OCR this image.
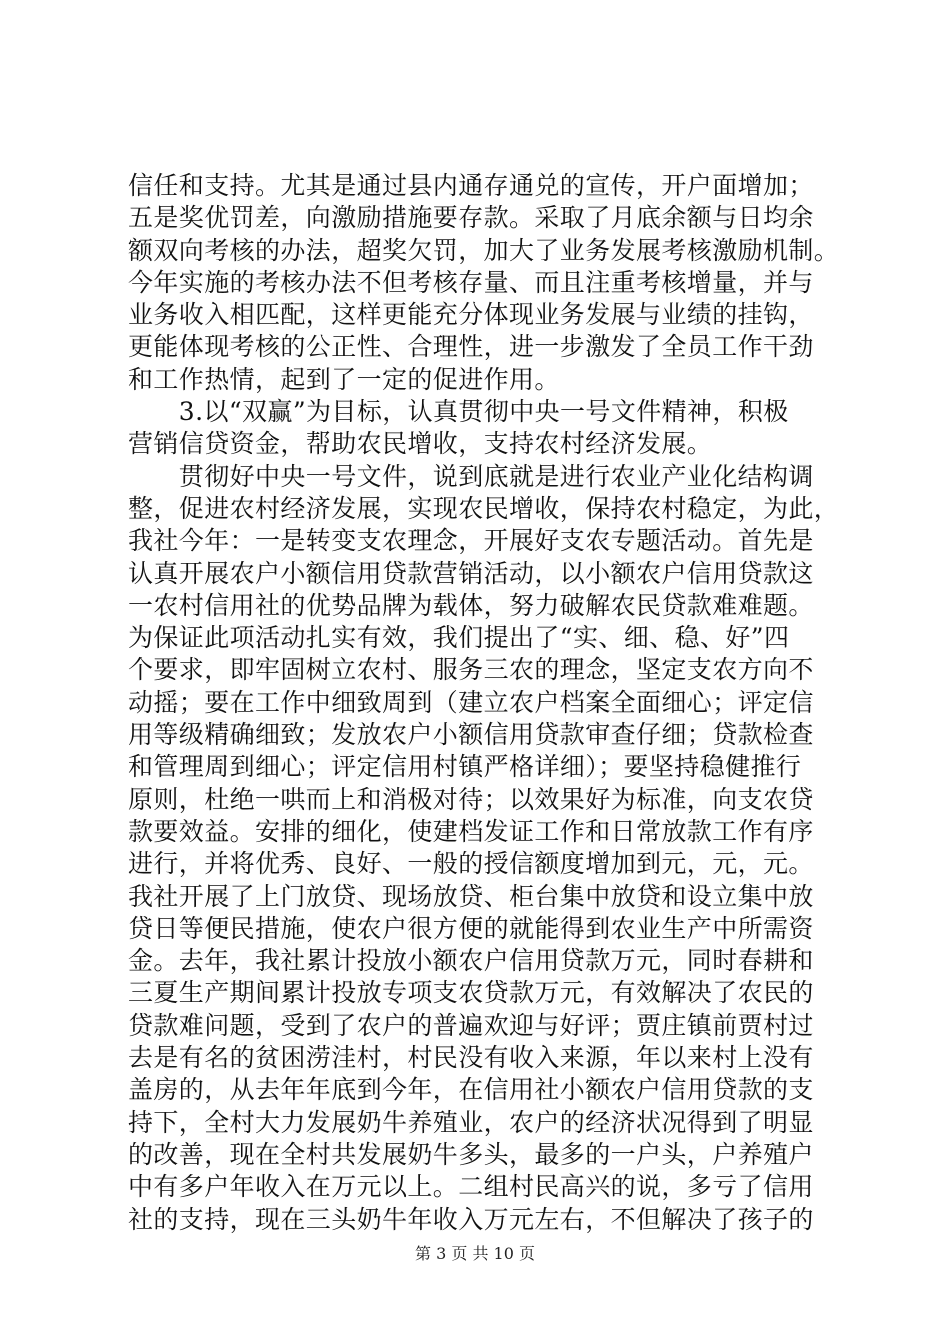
信任和支持。尤其是通过县内通存通兑的宣传，开户面增加；
五是奖优罚差，向激励措施要存款。采取了月底余额与日均余
额双向考核的办法，超奖欠罚，加大了业务发展考核激励机制。
今年实施的考核办法不但考核存量、而且注重考核增量，并与
业务收入相匹配，这样更能充分体现业务发展与业绩的挂钩，
更能体现考核的公正性、合理性，进一步激发了全员工作干劲
和工作热情，起到了一定的促进作用。
　　3.以“双赢”为目标，认真贯彻中央一号文件精神，积极
营销信贷资金，帮助农民增收，支持农村经济发展。
　　贯彻好中央一号文件，说到底就是进行农业产业化结构调
整，促进农村经济发展，实现农民增收，保持农村稳定，为此，
我社今年：一是转变支农理念，开展好支农专题活动。首先是
认真开展农户小额信用贷款营销活动，以小额农户信用贷款这
一农村信用社的优势品牌为载体，努力破解农民贷款难难题。
为保证此项活动扎实有效，我们提出了“实、细、稳、好”四
个要求，即牢固树立农村、服务三农的理念，坚定支农方向不
动摇；要在工作中细致周到（建立农户档案全面细心；评定信
用等级精确细致；发放农户小额信用贷款审查仔细；贷款检查
和管理周到细心；评定信用村镇严格详细）；要坚持稳健推行
原则，杜绝一哄而上和消极对待；以效果好为标准，向支农贷
款要效益。安排的细化，使建档发证工作和日常放款工作有序
进行，并将优秀、良好、一般的授信额度增加到元，元，元。
我社开展了上门放贷、现场放贷、柜台集中放贷和设立集中放
贷日等便民措施，使农户很方便的就能得到农业生产中所需资
金。去年，我社累计投放小额农户信用贷款万元，同时春耕和
三夏生产期间累计投放专项支农贷款万元，有效解决了农民的
贷款难问题，受到了农户的普遍欢迎与好评；贾庄镇前贾村过
去是有名的贫困涝洼村，村民没有收入来源，年以来村上没有
盖房的，从去年年底到今年，在信用社小额农户信用贷款的支
持下，全村大力发展奶牛养殖业，农户的经济状况得到了明显
的改善，现在全村共发展奶牛多头，最多的一户头，户养殖户
中有多户年收入在万元以上。二组村民高兴的说，多亏了信用
社的支持，现在三头奶牛年收入万元左右，不但解决了孩子的
第 3 页 共 10 页
